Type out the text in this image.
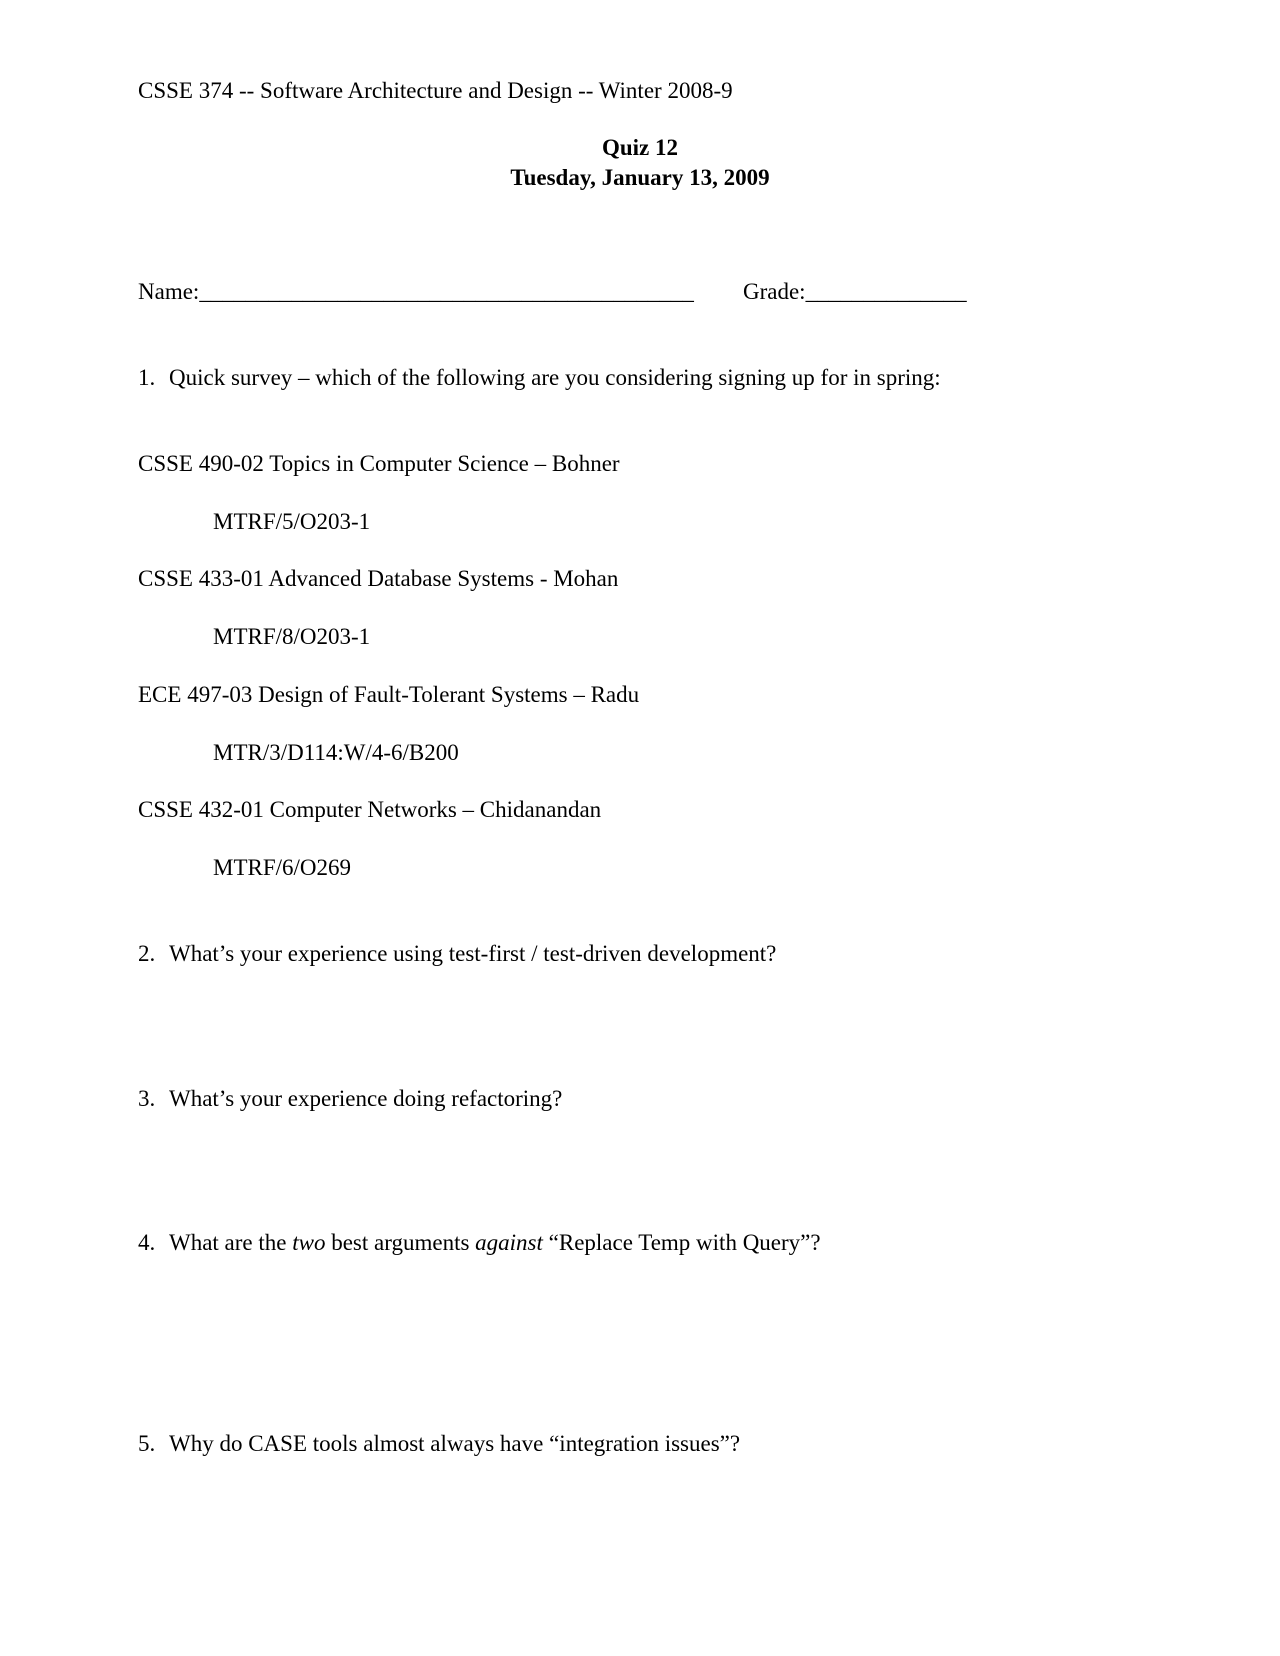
CSSE 374 -- Software Architecture and Design -- Winter 2008-9
Quiz 12
Tuesday, January 13, 2009
Name:___________________________________________ Grade:______________
1. Quick survey – which of the following are you considering signing up for in spring:
CSSE 490-02 Topics in Computer Science – Bohner
MTRF/5/O203-1
CSSE 433-01 Advanced Database Systems - Mohan
MTRF/8/O203-1
ECE 497-03 Design of Fault-Tolerant Systems – Radu
MTR/3/D114:W/4-6/B200
CSSE 432-01 Computer Networks – Chidanandan
MTRF/6/O269
2. What’s your experience using test-first / test-driven development?
3. What’s your experience doing refactoring?
4. What are the two best arguments against “Replace Temp with Query”?
5. Why do CASE tools almost always have “integration issues”?
